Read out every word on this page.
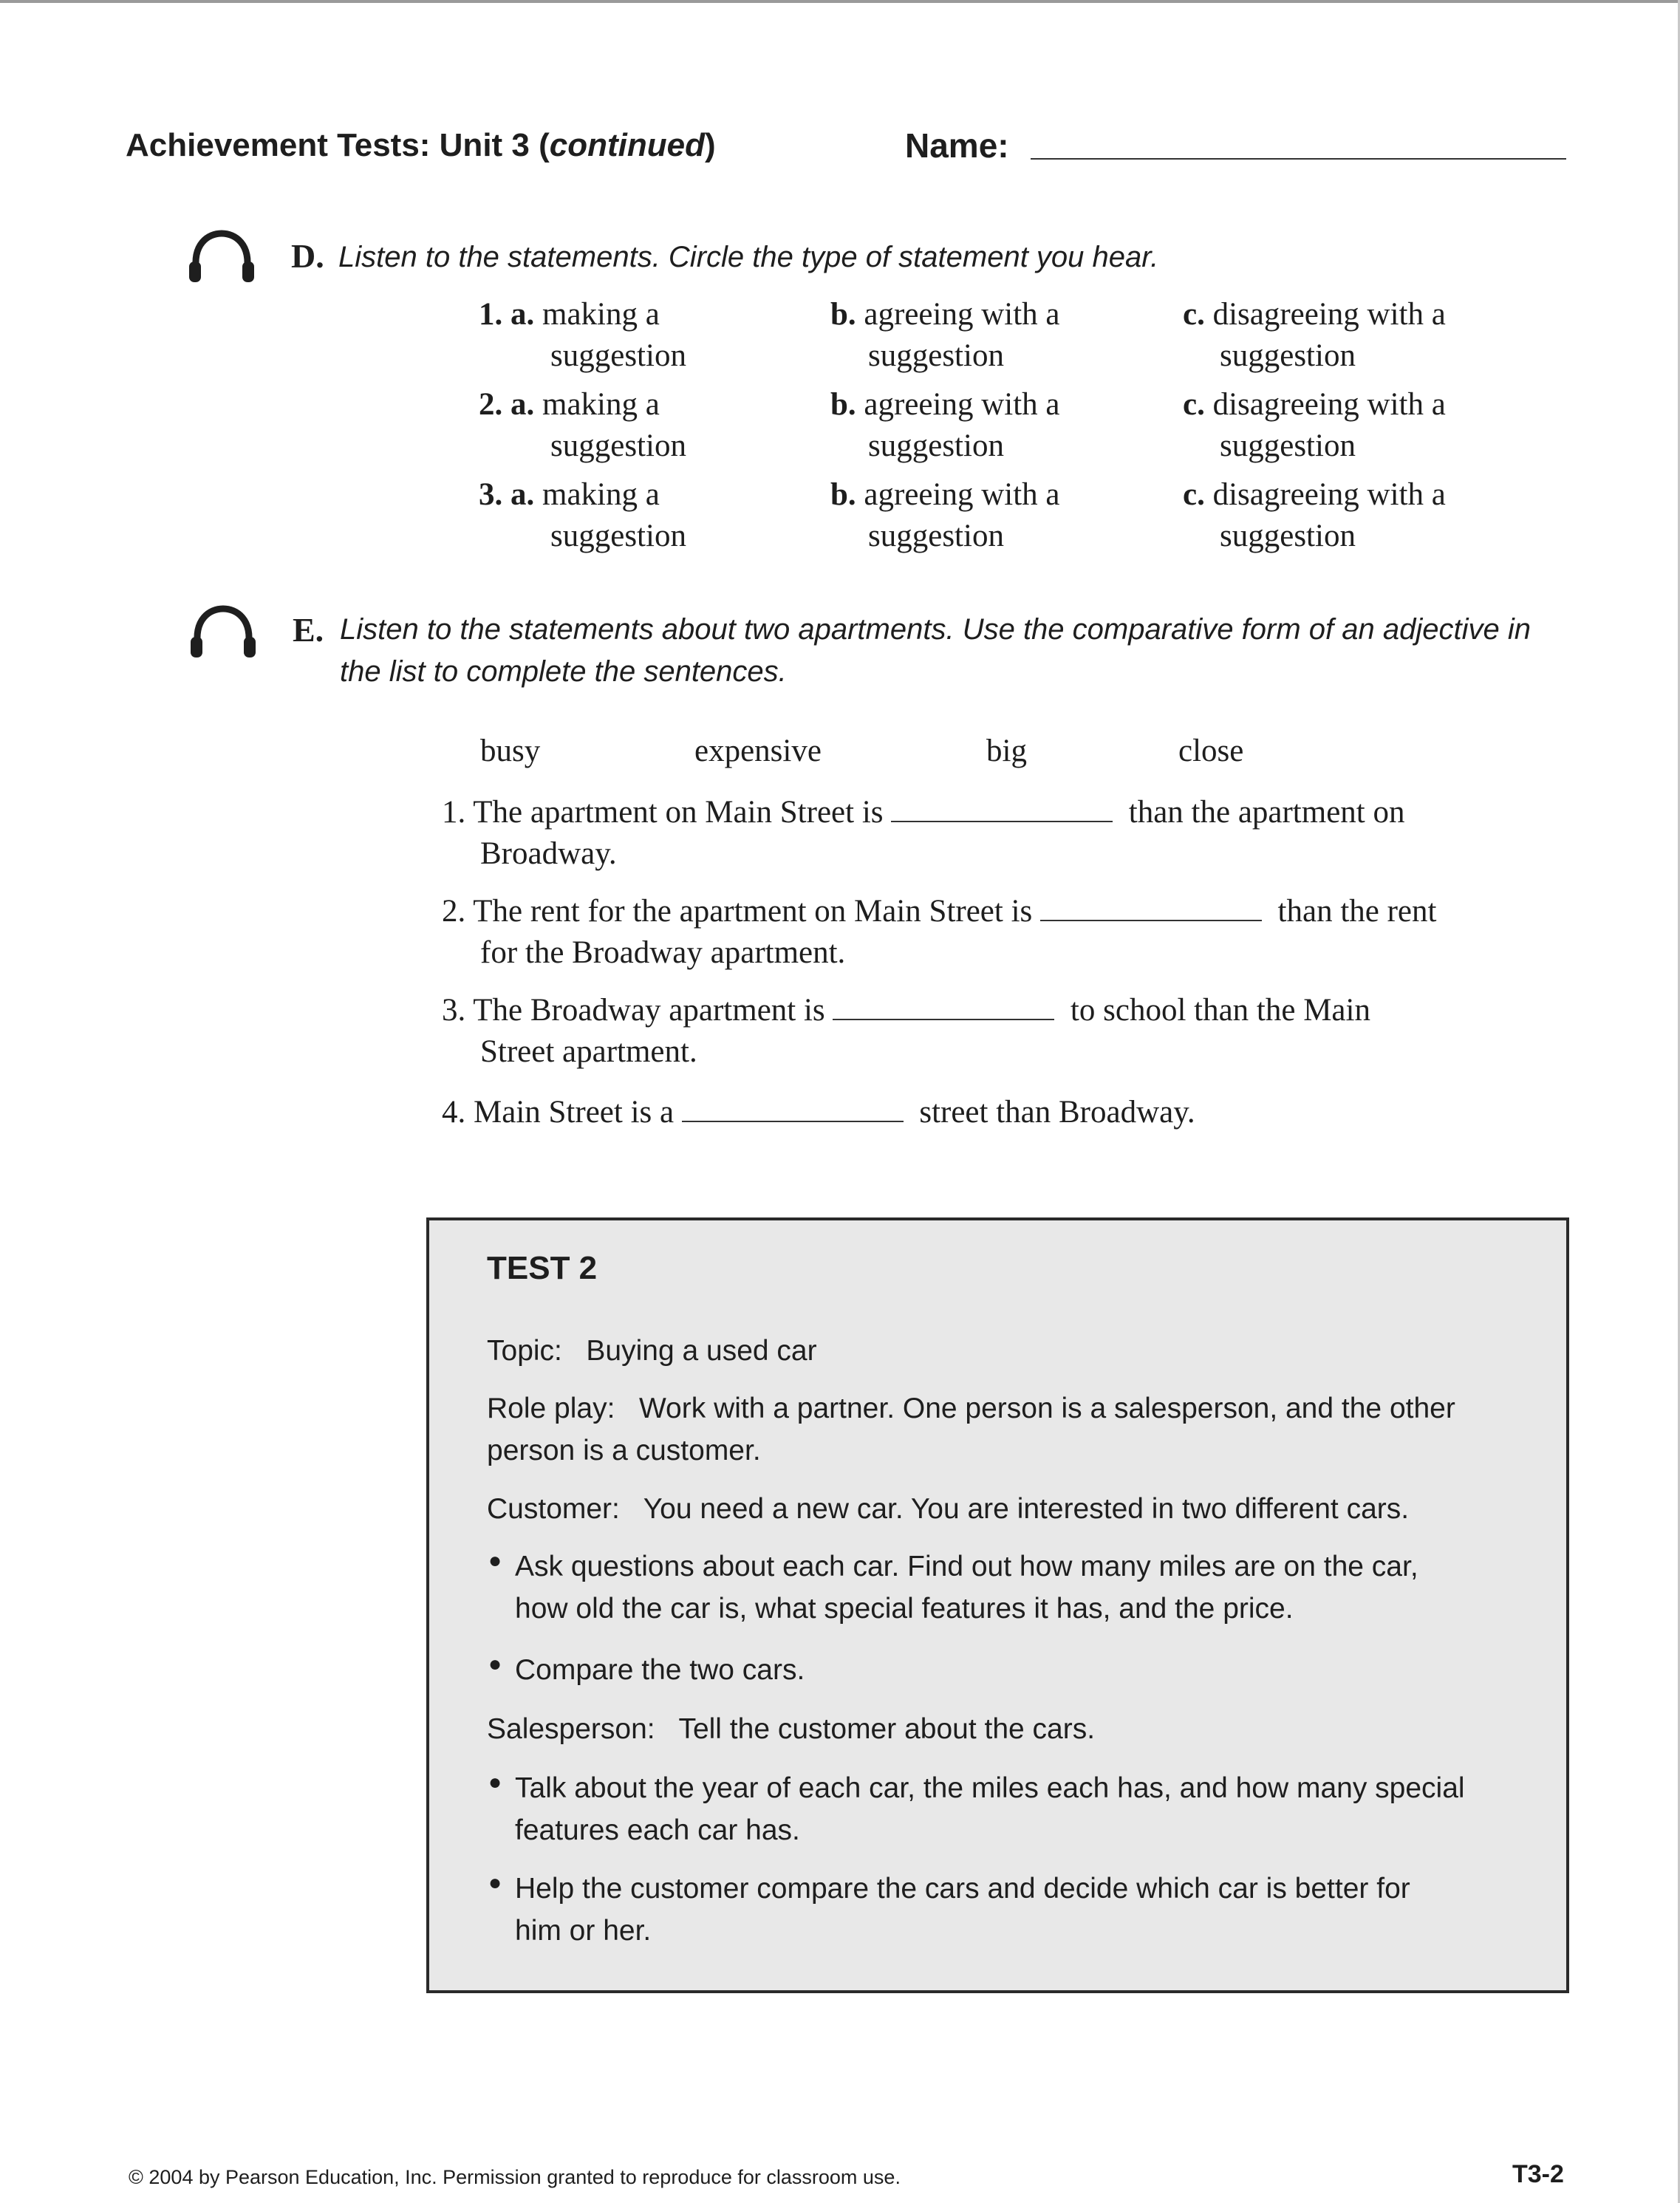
Achievement Tests: Unit 3 (continued)	Name:
D. Listen to the statements. Circle the type of statement you hear.
1. a. making a
suggestion
b. agreeing with a
suggestion
c. disagreeing with a
suggestion
2. a. making a
suggestion
b. agreeing with a
suggestion
c. disagreeing with a
suggestion
3. a. making a
suggestion
b. agreeing with a
suggestion
c. disagreeing with a
suggestion
E. Listen to the statements about two apartments. Use the comparative form of an adjective in
the list to complete the sentences.
busy	expensive	big	close
1. The apartment on Main Street is	than the apartment on
Broadway.
2. The rent for the apartment on Main Street is	than the rent
for the Broadway apartment.
3. The Broadway apartment is	to school than the Main
Street apartment.
4. Main Street is a	street than Broadway.
TEST 2
Topic: Buying a used car
Role play: Work with a partner. One person is a salesperson, and the other
person is a customer.
Customer: You need a new car. You are interested in two different cars.
● Ask questions about each car. Find out how many miles are on the car,
how old the car is, what special features it has, and the price.
● Compare the two cars.
Salesperson: Tell the customer about the cars.
● Talk about the year of each car, the miles each has, and how many special
features each car has.
● Help the customer compare the cars and decide which car is better for
him or her.
© 2004 by Pearson Education, Inc. Permission granted to reproduce for classroom use.	T3-2
